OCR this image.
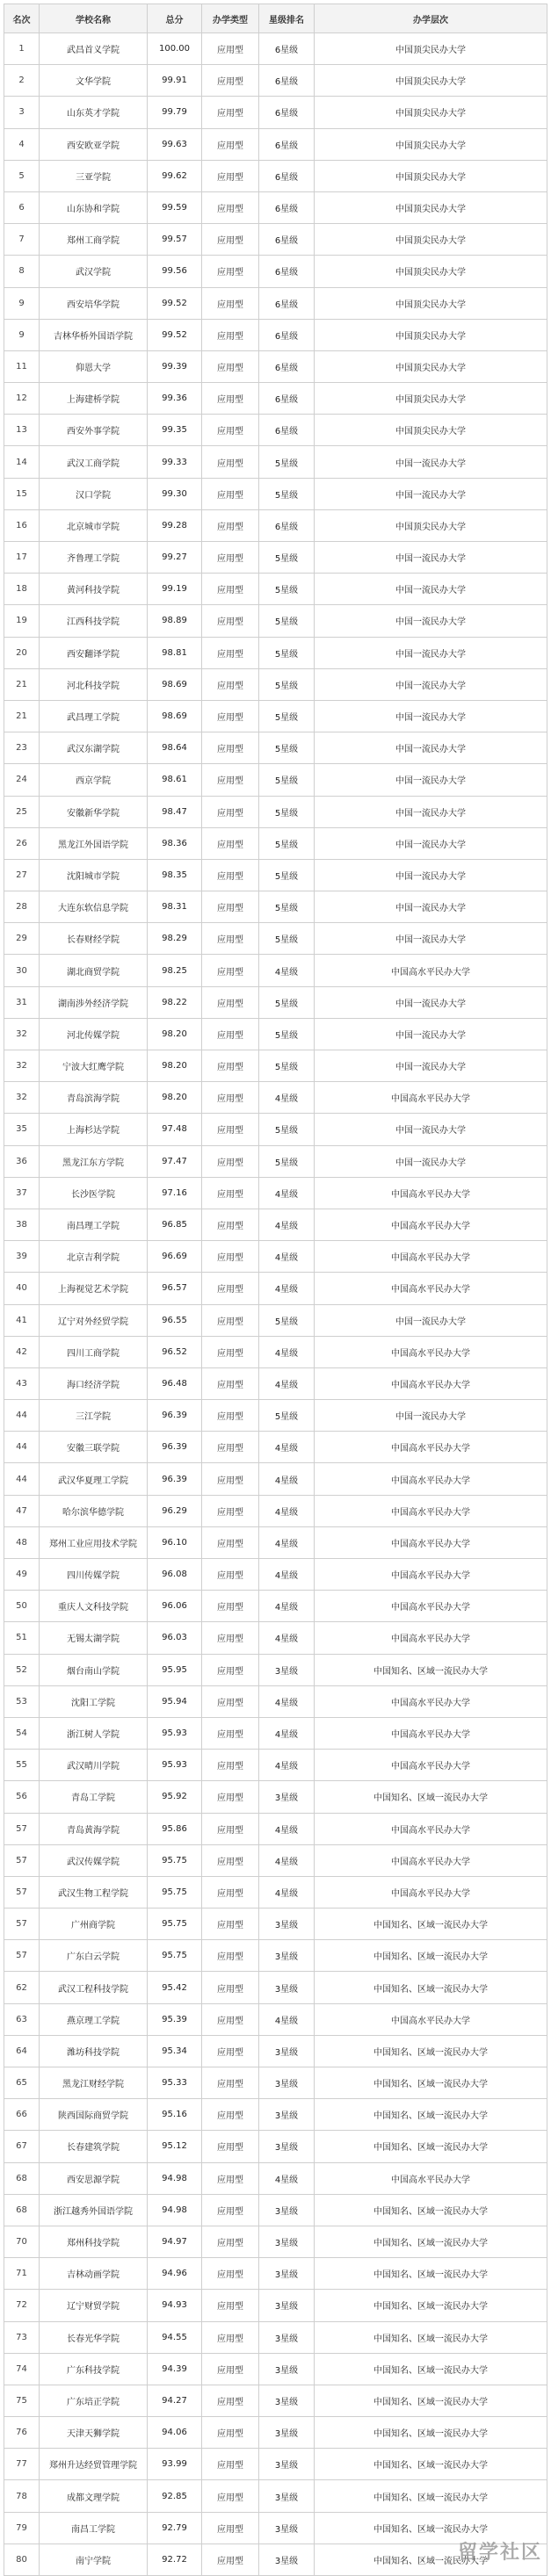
名次	学校名称	总分	办学类型	星级排名	办学层次
1	武昌首义学院	100.00	应用型	6星级	中国顶尖民办大学
2	文华学院	99.91	应用型	6星级	中国顶尖民办大学
3	山东英才学院	99.79	应用型	6星级	中国顶尖民办大学
4	西安欧亚学院	99.63	应用型	6星级	中国顶尖民办大学
5	三亚学院	99.62	应用型	6星级	中国顶尖民办大学
6	山东协和学院	99.59	应用型	6星级	中国顶尖民办大学
7	郑州工商学院	99.57	应用型	6星级	中国顶尖民办大学
8	武汉学院	99.56	应用型	6星级	中国顶尖民办大学
9	西安培华学院	99.52	应用型	6星级	中国顶尖民办大学
9	吉林华桥外国语学院	99.52	应用型	6星级	中国顶尖民办大学
11	仰恩大学	99.39	应用型	6星级	中国顶尖民办大学
12	上海建桥学院	99.36	应用型	6星级	中国顶尖民办大学
13	西安外事学院	99.35	应用型	6星级	中国顶尖民办大学
14	武汉工商学院	99.33	应用型	5星级	中国一流民办大学
15	汉口学院	99.30	应用型	5星级	中国一流民办大学
16	北京城市学院	99.28	应用型	6星级	中国顶尖民办大学
17	齐鲁理工学院	99.27	应用型	5星级	中国一流民办大学
18	黄河科技学院	99.19	应用型	5星级	中国一流民办大学
19	江西科技学院	98.89	应用型	5星级	中国一流民办大学
20	西安翻译学院	98.81	应用型	5星级	中国一流民办大学
21	河北科技学院	98.69	应用型	5星级	中国一流民办大学
21	武昌理工学院	98.69	应用型	5星级	中国一流民办大学
23	武汉东湖学院	98.64	应用型	5星级	中国一流民办大学
24	西京学院	98.61	应用型	5星级	中国一流民办大学
25	安徽新华学院	98.47	应用型	5星级	中国一流民办大学
26	黑龙江外国语学院	98.36	应用型	5星级	中国一流民办大学
27	沈阳城市学院	98.35	应用型	5星级	中国一流民办大学
28	大连东软信息学院	98.31	应用型	5星级	中国一流民办大学
29	长春财经学院	98.29	应用型	5星级	中国一流民办大学
30	湖北商贸学院	98.25	应用型	4星级	中国高水平民办大学
31	湖南涉外经济学院	98.22	应用型	5星级	中国一流民办大学
32	河北传媒学院	98.20	应用型	5星级	中国一流民办大学
32	宁波大红鹰学院	98.20	应用型	5星级	中国一流民办大学
32	青岛滨海学院	98.20	应用型	4星级	中国高水平民办大学
35	上海杉达学院	97.48	应用型	5星级	中国一流民办大学
36	黑龙江东方学院	97.47	应用型	5星级	中国一流民办大学
37	长沙医学院	97.16	应用型	4星级	中国高水平民办大学
38	南昌理工学院	96.85	应用型	4星级	中国高水平民办大学
39	北京吉利学院	96.69	应用型	4星级	中国高水平民办大学
40	上海视觉艺术学院	96.57	应用型	4星级	中国高水平民办大学
41	辽宁对外经贸学院	96.55	应用型	5星级	中国一流民办大学
42	四川工商学院	96.52	应用型	4星级	中国高水平民办大学
43	海口经济学院	96.48	应用型	4星级	中国高水平民办大学
44	三江学院	96.39	应用型	5星级	中国一流民办大学
44	安徽三联学院	96.39	应用型	4星级	中国高水平民办大学
44	武汉华夏理工学院	96.39	应用型	4星级	中国高水平民办大学
47	哈尔滨华德学院	96.29	应用型	4星级	中国高水平民办大学
48	郑州工业应用技术学院	96.10	应用型	4星级	中国高水平民办大学
49	四川传媒学院	96.08	应用型	4星级	中国高水平民办大学
50	重庆人文科技学院	96.06	应用型	4星级	中国高水平民办大学
51	无锡太湖学院	96.03	应用型	4星级	中国高水平民办大学
52	烟台南山学院	95.95	应用型	3星级	中国知名、区域一流民办大学
53	沈阳工学院	95.94	应用型	4星级	中国高水平民办大学
54	浙江树人学院	95.93	应用型	4星级	中国高水平民办大学
55	武汉晴川学院	95.93	应用型	4星级	中国高水平民办大学
56	青岛工学院	95.92	应用型	3星级	中国知名、区域一流民办大学
57	青岛黄海学院	95.86	应用型	4星级	中国高水平民办大学
57	武汉传媒学院	95.75	应用型	4星级	中国高水平民办大学
57	武汉生物工程学院	95.75	应用型	4星级	中国高水平民办大学
57	广州商学院	95.75	应用型	3星级	中国知名、区域一流民办大学
57	广东白云学院	95.75	应用型	3星级	中国知名、区域一流民办大学
62	武汉工程科技学院	95.42	应用型	3星级	中国知名、区域一流民办大学
63	燕京理工学院	95.39	应用型	4星级	中国高水平民办大学
64	潍坊科技学院	95.34	应用型	3星级	中国知名、区域一流民办大学
65	黑龙江财经学院	95.33	应用型	3星级	中国知名、区域一流民办大学
66	陕西国际商贸学院	95.16	应用型	3星级	中国知名、区域一流民办大学
67	长春建筑学院	95.12	应用型	3星级	中国知名、区域一流民办大学
68	西安思源学院	94.98	应用型	4星级	中国高水平民办大学
68	浙江越秀外国语学院	94.98	应用型	3星级	中国知名、区域一流民办大学
70	郑州科技学院	94.97	应用型	3星级	中国知名、区域一流民办大学
71	吉林动画学院	94.96	应用型	3星级	中国知名、区域一流民办大学
72	辽宁财贸学院	94.93	应用型	3星级	中国知名、区域一流民办大学
73	长春光华学院	94.55	应用型	3星级	中国知名、区域一流民办大学
74	广东科技学院	94.39	应用型	3星级	中国知名、区域一流民办大学
75	广东培正学院	94.27	应用型	3星级	中国知名、区域一流民办大学
76	天津天狮学院	94.06	应用型	3星级	中国知名、区域一流民办大学
77	郑州升达经贸管理学院	93.99	应用型	3星级	中国知名、区域一流民办大学
78	成都文理学院	92.85	应用型	3星级	中国知名、区域一流民办大学
79	南昌工学院	92.79	应用型	3星级	中国知名、区域一流民办大学
80	南宁学院	92.72	应用型	3星级	中国知名、区域一流民办大学
留学社区
